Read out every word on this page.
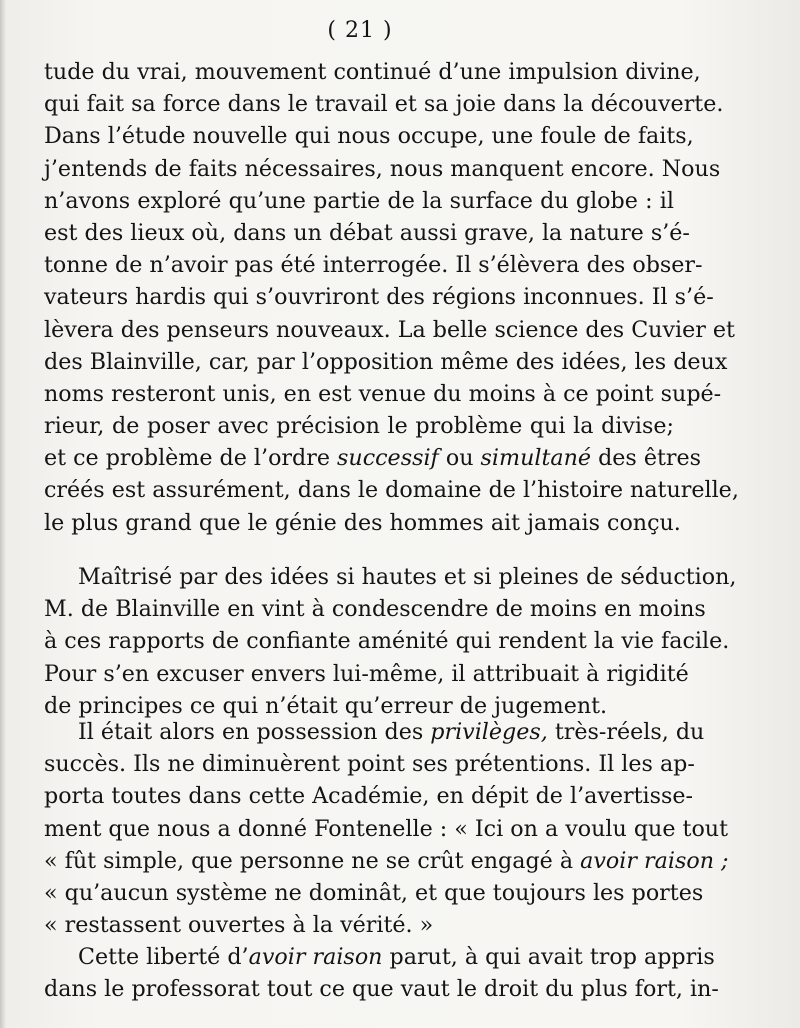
( 21 )
tude du vrai, mouvement continué d’une impulsion divine,
qui fait sa force dans le travail et sa joie dans la découverte.
Dans l’étude nouvelle qui nous occupe, une foule de faits,
j’entends de faits nécessaires, nous manquent encore. Nous
n’avons exploré qu’une partie de la surface du globe : il
est des lieux où, dans un débat aussi grave, la nature s’é-
tonne de n’avoir pas été interrogée. Il s’élèvera des obser-
vateurs hardis qui s’ouvriront des régions inconnues. Il s’é-
lèvera des penseurs nouveaux. La belle science des Cuvier et
des Blainville, car, par l’opposition même des idées, les deux
noms resteront unis, en est venue du moins à ce point supé-
rieur, de poser avec précision le problème qui la divise;
et ce problème de l’ordre successif ou simultané des êtres
créés est assurément, dans le domaine de l’histoire naturelle,
le plus grand que le génie des hommes ait jamais conçu.
Maîtrisé par des idées si hautes et si pleines de séduction,
M. de Blainville en vint à condescendre de moins en moins
à ces rapports de confiante aménité qui rendent la vie facile.
Pour s’en excuser envers lui-même, il attribuait à rigidité
de principes ce qui n’était qu’erreur de jugement.
Il était alors en possession des privilèges, très-réels, du
succès. Ils ne diminuèrent point ses prétentions. Il les ap-
porta toutes dans cette Académie, en dépit de l’avertisse-
ment que nous a donné Fontenelle : « Ici on a voulu que tout
« fût simple, que personne ne se crût engagé à avoir raison ;
« qu’aucun système ne dominât, et que toujours les portes
« restassent ouvertes à la vérité. »
Cette liberté d’avoir raison parut, à qui avait trop appris
dans le professorat tout ce que vaut le droit du plus fort, in-
